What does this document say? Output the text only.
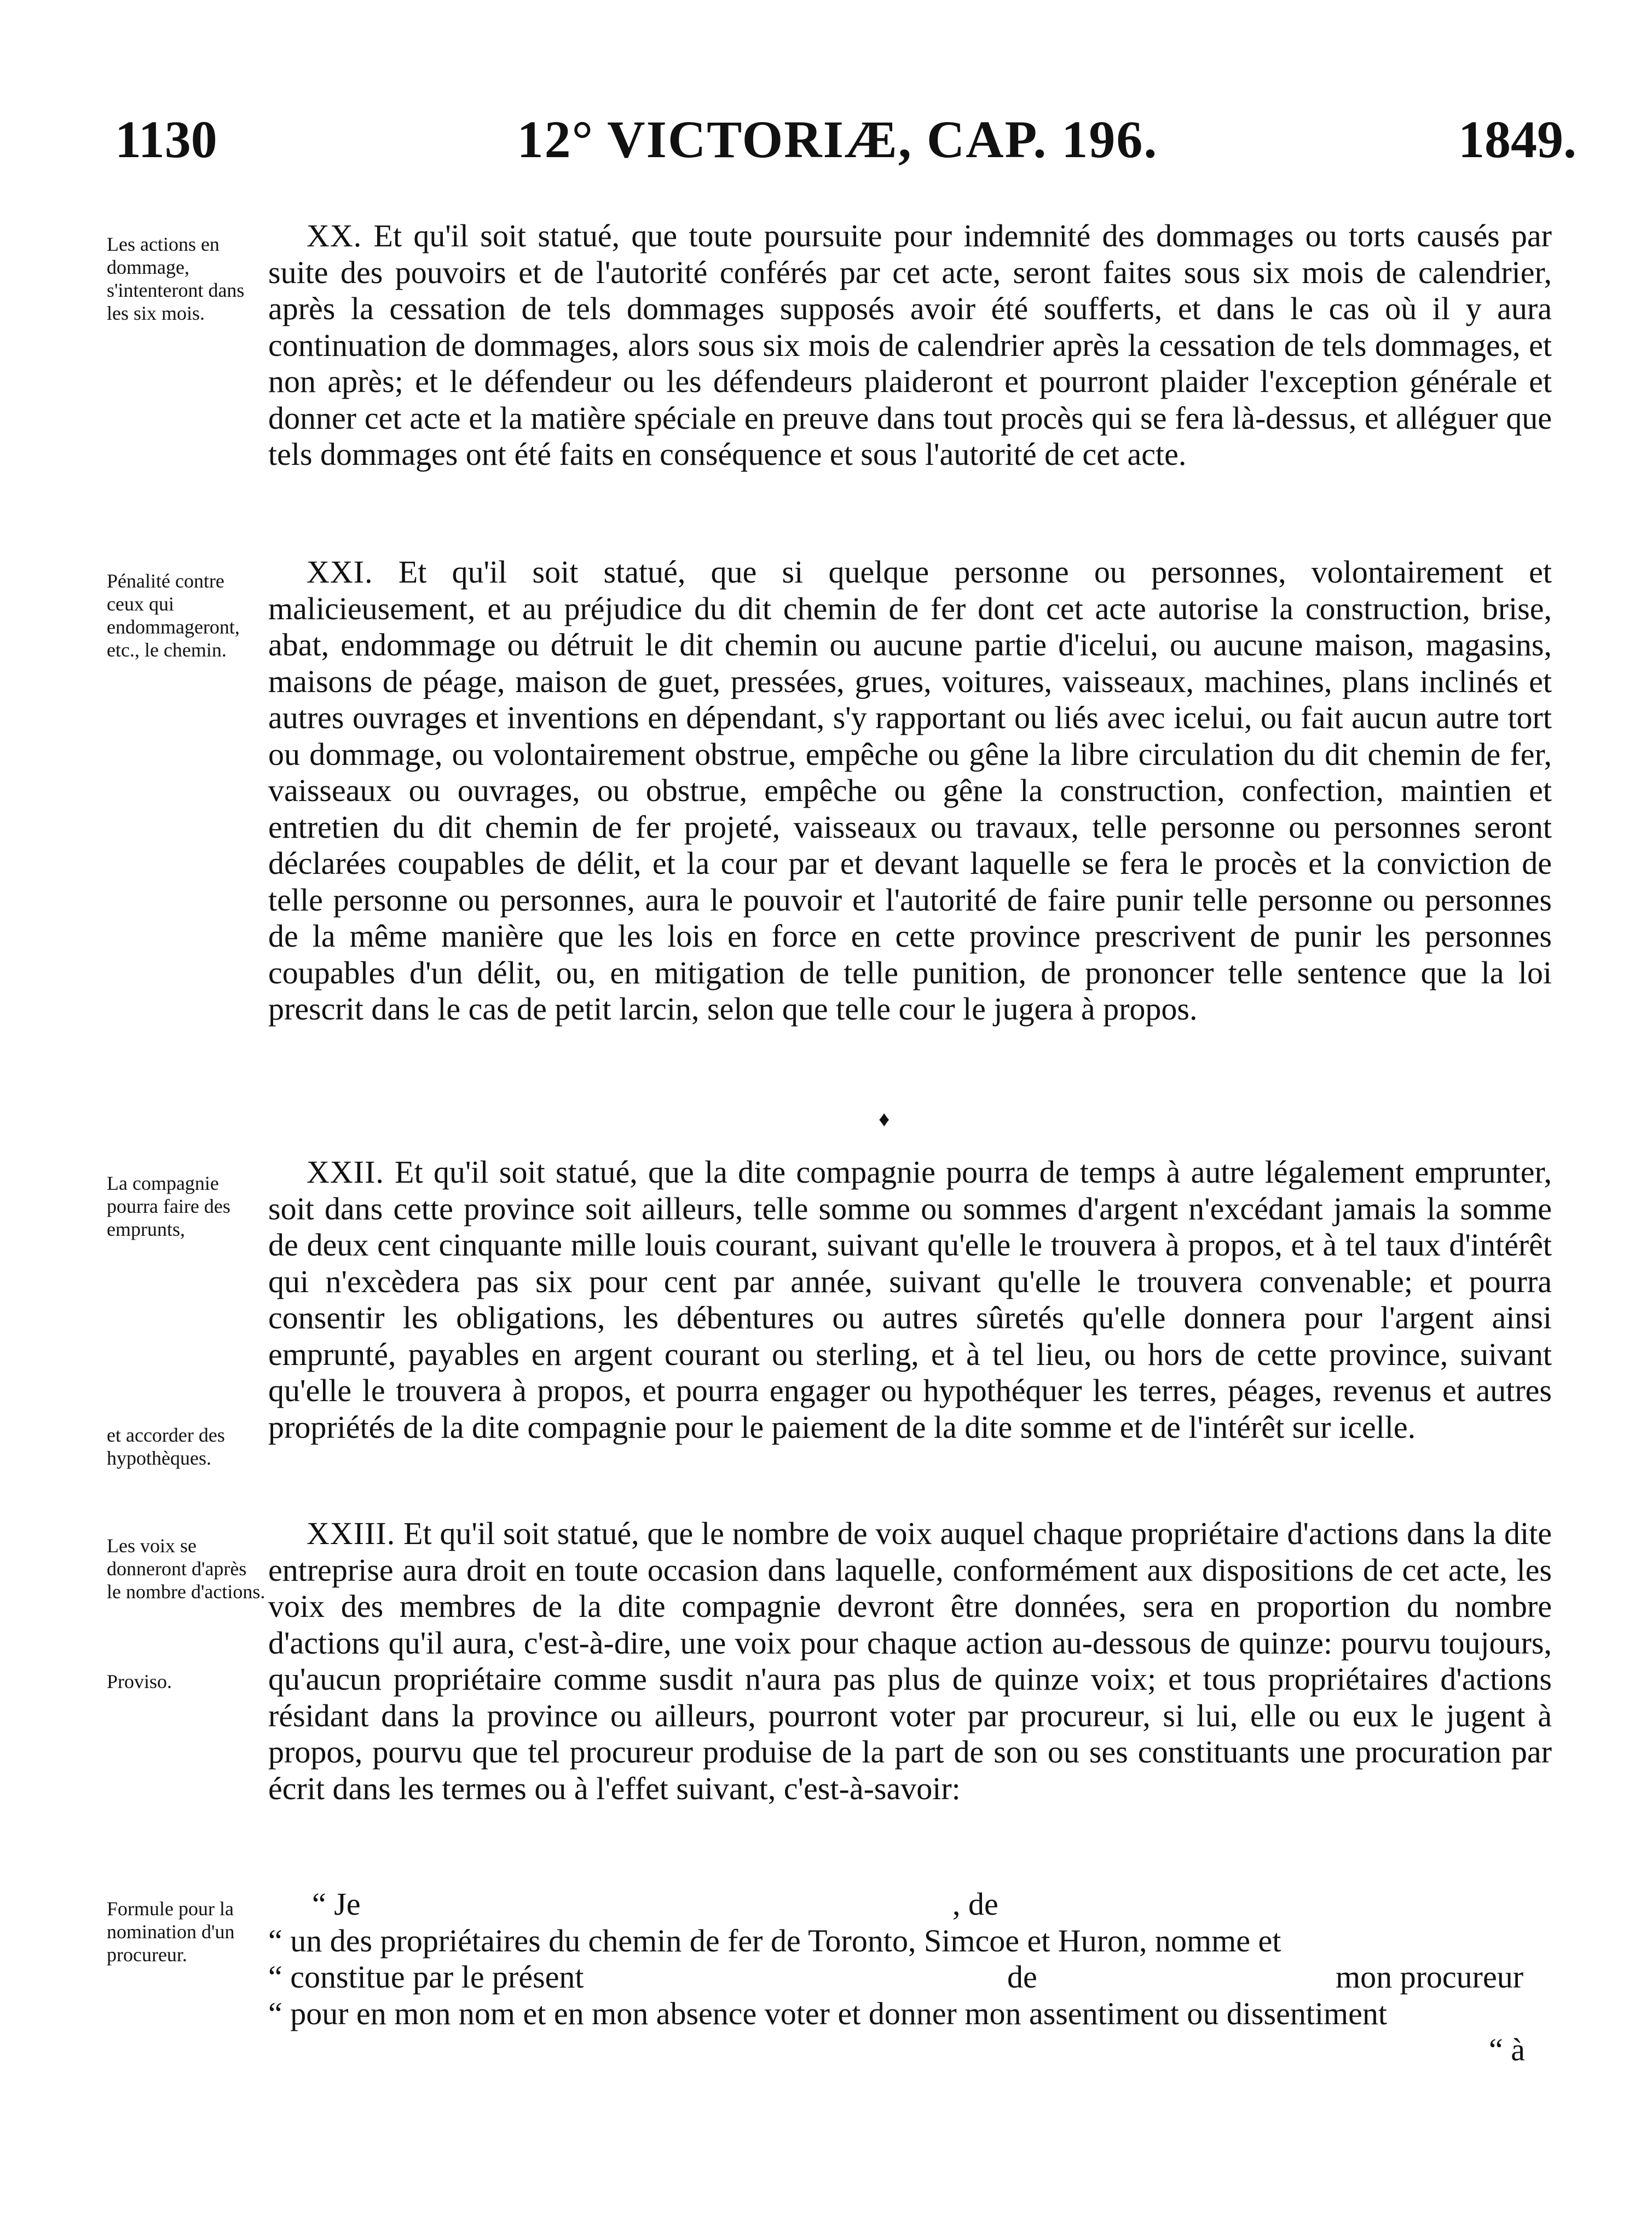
1130	12° VICTORIÆ, CAP. 196.	1849.
Les actions en dommage, s'intenteront dans les six mois.

XX. Et qu'il soit statué, que toute poursuite pour indemnité des dommages ou torts causés par suite des pouvoirs et de l'autorité conférés par cet acte, seront faites sous six mois de calendrier, après la cessation de tels dommages supposés avoir été soufferts, et dans le cas où il y aura continuation de dommages, alors sous six mois de calendrier après la cessation de tels dommages, et non après; et le défendeur ou les défendeurs plaideront et pourront plaider l'exception générale et donner cet acte et la matière spéciale en preuve dans tout procès qui se fera là-dessus, et alléguer que tels dommages ont été faits en conséquence et sous l'autorité de cet acte.

Pénalité contre ceux qui endommageront, etc., le chemin.

XXI. Et qu'il soit statué, que si quelque personne ou personnes, volontairement et malicieusement, et au préjudice du dit chemin de fer dont cet acte autorise la construction, brise, abat, endommage ou détruit le dit chemin ou aucune partie d'icelui, ou aucune maison, magasins, maisons de péage, maison de guet, pressées, grues, voitures, vaisseaux, machines, plans inclinés et autres ouvrages et inventions en dépendant, s'y rapportant ou liés avec icelui, ou fait aucun autre tort ou dommage, ou volontairement obstrue, empêche ou gêne la libre circulation du dit chemin de fer, vaisseaux ou ouvrages, ou obstrue, empêche ou gêne la construction, confection, maintien et entretien du dit chemin de fer projeté, vaisseaux ou travaux, telle personne ou personnes seront déclarées coupables de délit, et la cour par et devant laquelle se fera le procès et la conviction de telle personne ou personnes, aura le pouvoir et l'autorité de faire punir telle personne ou personnes de la même manière que les lois en force en cette province prescrivent de punir les personnes coupables d'un délit, ou, en mitigation de telle punition, de prononcer telle sentence que la loi prescrit dans le cas de petit larcin, selon que telle cour le jugera à propos.

♦
La compagnie pourra faire des emprunts,
et accorder des hypothèques.

XXII. Et qu'il soit statué, que la dite compagnie pourra de temps à autre légalement emprunter, soit dans cette province soit ailleurs, telle somme ou sommes d'argent n'excédant jamais la somme de deux cent cinquante mille louis courant, suivant qu'elle le trouvera à propos, et à tel taux d'intérêt qui n'excèdera pas six pour cent par année, suivant qu'elle le trouvera convenable; et pourra consentir les obligations, les débentures ou autres sûretés qu'elle donnera pour l'argent ainsi emprunté, payables en argent courant ou sterling, et à tel lieu, ou hors de cette province, suivant qu'elle le trouvera à propos, et pourra engager ou hypothéquer les terres, péages, revenus et autres propriétés de la dite compagnie pour le paiement de la dite somme et de l'intérêt sur icelle.

Les voix se donneront d'après le nombre d'actions.
Proviso.

XXIII. Et qu'il soit statué, que le nombre de voix auquel chaque propriétaire d'actions dans la dite entreprise aura droit en toute occasion dans laquelle, conformément aux dispositions de cet acte, les voix des membres de la dite compagnie devront être données, sera en proportion du nombre d'actions qu'il aura, c'est-à-dire, une voix pour chaque action au-dessous de quinze: pourvu toujours, qu'aucun propriétaire comme susdit n'aura pas plus de quinze voix; et tous propriétaires d'actions résidant dans la province ou ailleurs, pourront voter par procureur, si lui, elle ou eux le jugent à propos, pourvu que tel procureur produise de la part de son ou ses constituants une procuration par écrit dans les termes ou à l'effet suivant, c'est-à-savoir:

Formule pour la nomination d'un procureur.
“ Je	, de
“ un des propriétaires du chemin de fer de Toronto, Simcoe et Huron, nomme et
“ constitue par le présent	de	mon procureur
“ pour en mon nom et en mon absence voter et donner mon assentiment ou dissentiment
“ à
